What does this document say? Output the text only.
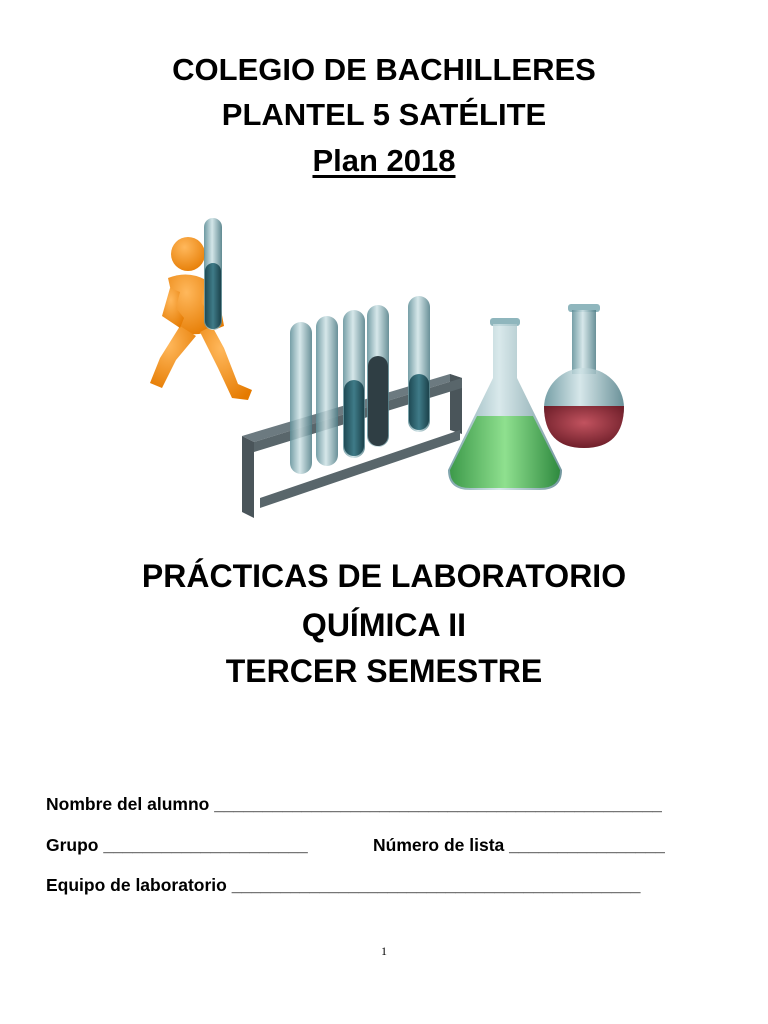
COLEGIO DE BACHILLERES
PLANTEL 5 SATÉLITE
Plan 2018
PRÁCTICAS DE LABORATORIO
QUÍMICA II
TERCER SEMESTRE
Nombre del alumno ______________________________________________
Grupo _____________________	Número de lista ________________
Equipo de laboratorio __________________________________________
1
